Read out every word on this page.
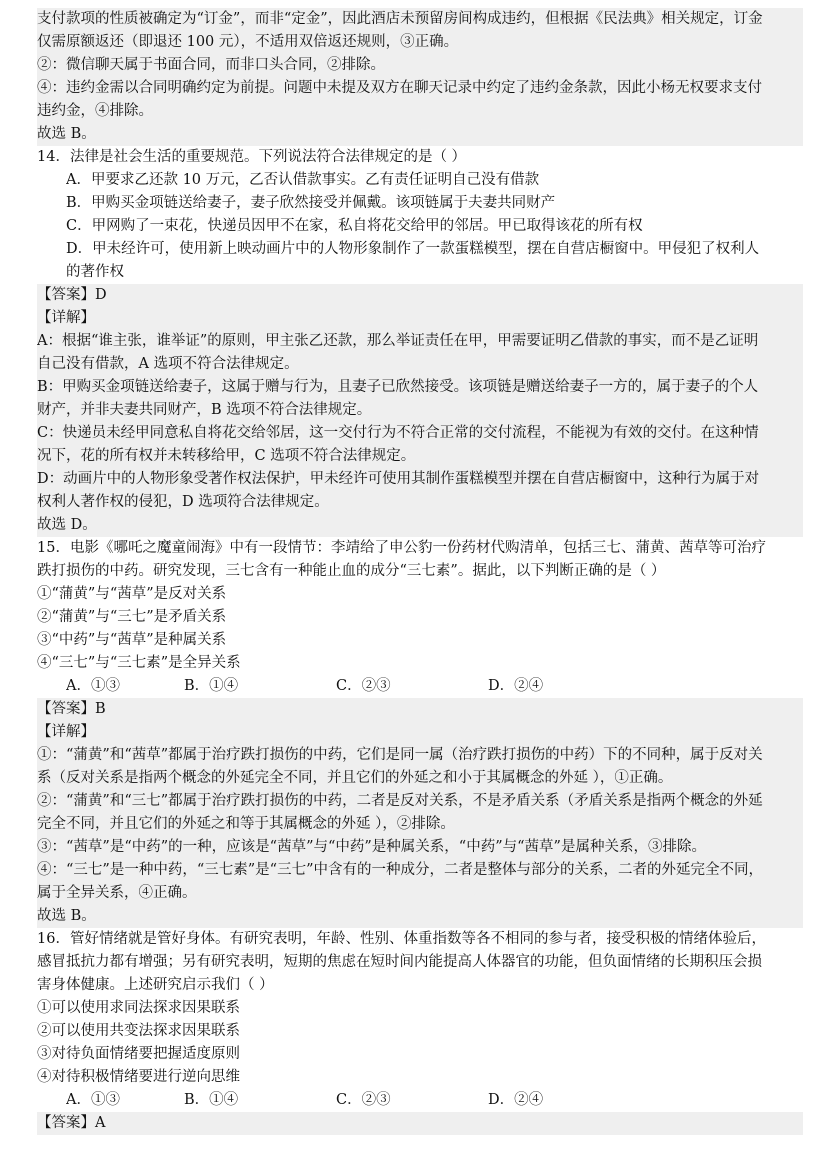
支付款项的性质被确定为“订金”，而非“定金”，因此酒店未预留房间构成违约，但根据《民法典》相关规定，订金
仅需原额返还（即退还 100 元），不适用双倍返还规则，③正确。
②：微信聊天属于书面合同，而非口头合同，②排除。
④：违约金需以合同明确约定为前提。问题中未提及双方在聊天记录中约定了违约金条款，因此小杨无权要求支付
违约金，④排除。
故选 B。
14．法律是社会生活的重要规范。下列说法符合法律规定的是（ ）
A．甲要求乙还款 10 万元，乙否认借款事实。乙有责任证明自己没有借款
B．甲购买金项链送给妻子，妻子欣然接受并佩戴。该项链属于夫妻共同财产
C．甲网购了一束花，快递员因甲不在家，私自将花交给甲的邻居。甲已取得该花的所有权
D．甲未经许可，使用新上映动画片中的人物形象制作了一款蛋糕模型，摆在自营店橱窗中。甲侵犯了权利人
的著作权
【答案】D
【详解】
A：根据“谁主张，谁举证”的原则，甲主张乙还款，那么举证责任在甲，甲需要证明乙借款的事实，而不是乙证明
自己没有借款，A 选项不符合法律规定。
B：甲购买金项链送给妻子，这属于赠与行为，且妻子已欣然接受。该项链是赠送给妻子一方的，属于妻子的个人
财产，并非夫妻共同财产，B 选项不符合法律规定。
C：快递员未经甲同意私自将花交给邻居，这一交付行为不符合正常的交付流程，不能视为有效的交付。在这种情
况下，花的所有权并未转移给甲，C 选项不符合法律规定。
D：动画片中的人物形象受著作权法保护，甲未经许可使用其制作蛋糕模型并摆在自营店橱窗中，这种行为属于对
权利人著作权的侵犯，D 选项符合法律规定。
故选 D。
15．电影《哪吒之魔童闹海》中有一段情节：李靖给了申公豹一份药材代购清单，包括三七、蒲黄、茜草等可治疗
跌打损伤的中药。研究发现，三七含有一种能止血的成分“三七素”。据此，以下判断正确的是（ ）
①“蒲黄”与“茜草”是反对关系
②“蒲黄”与“三七”是矛盾关系
③“中药”与“茜草”是种属关系
④“三七”与“三七素”是全异关系
A．①③	B．①④	C．②③	D．②④
【答案】B
【详解】
①：“蒲黄”和“茜草”都属于治疗跌打损伤的中药，它们是同一属（治疗跌打损伤的中药）下的不同种，属于反对关
系（反对关系是指两个概念的外延完全不同，并且它们的外延之和小于其属概念的外延 ），①正确。
②：“蒲黄”和“三七”都属于治疗跌打损伤的中药，二者是反对关系，不是矛盾关系（矛盾关系是指两个概念的外延
完全不同，并且它们的外延之和等于其属概念的外延 ），②排除。
③：“茜草”是“中药”的一种，应该是“茜草”与“中药”是种属关系，“中药”与“茜草”是属种关系，③排除。
④：“三七”是一种中药，“三七素”是“三七”中含有的一种成分，二者是整体与部分的关系，二者的外延完全不同，
属于全异关系，④正确。
故选 B。
16．管好情绪就是管好身体。有研究表明，年龄、性别、体重指数等各不相同的参与者，接受积极的情绪体验后，
感冒抵抗力都有增强；另有研究表明，短期的焦虑在短时间内能提高人体器官的功能，但负面情绪的长期积压会损
害身体健康。上述研究启示我们（ ）
①可以使用求同法探求因果联系
②可以使用共变法探求因果联系
③对待负面情绪要把握适度原则
④对待积极情绪要进行逆向思维
A．①③	B．①④	C．②③	D．②④
【答案】A
